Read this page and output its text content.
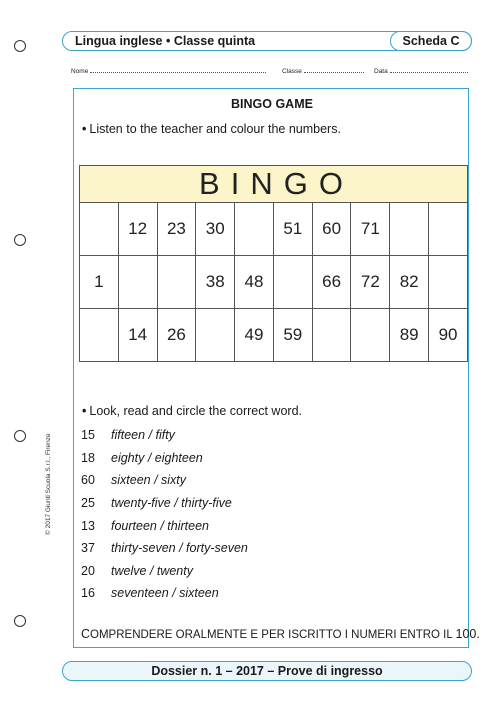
Lingua inglese • Classe quinta	Scheda C
Nome	Classe	Data
BINGO GAME
• Listen to the teacher and colour the numbers.
BINGO									
	12	23	30		51	60	71		
1			38	48		66	72	82	
	14	26		49	59			89	90
• Look, read and circle the correct word.
15	fifteen / fifty
18	eighty / eighteen
60	sixteen / sixty
25	twenty-five / thirty-five
13	fourteen / thirteen
37	thirty-seven / forty-seven
20	twelve / twenty
16	seventeen / sixteen
COMPRENDERE ORALMENTE E PER ISCRITTO I NUMERI ENTRO IL 100.
© 2017 Giunti Scuola S.r.l., Firenze
Dossier n. 1 – 2017 – Prove di ingresso
